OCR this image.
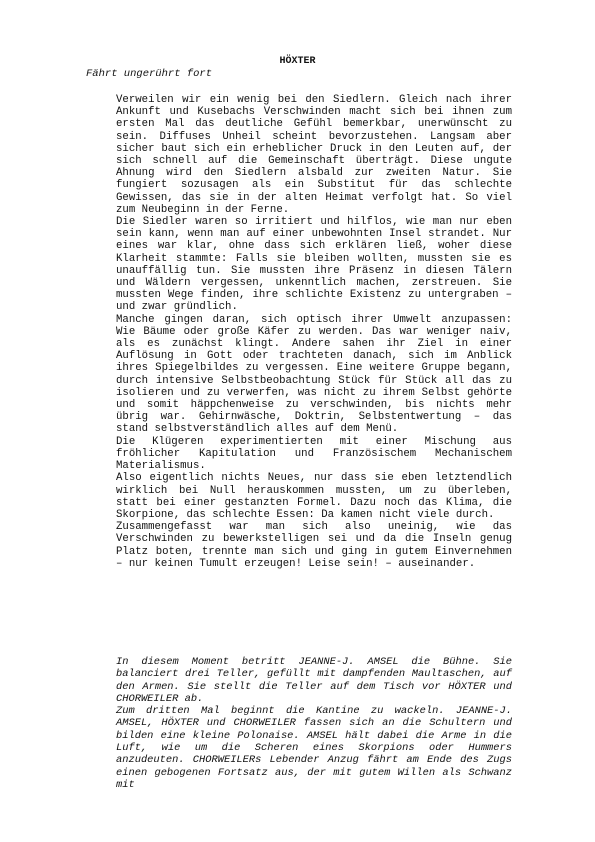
HÖXTER
Fährt ungerührt fort

Verweilen wir ein wenig bei den Siedlern. Gleich nach ihrer Ankunft und Kusebachs Verschwinden macht sich bei ihnen zum ersten Mal das deutliche Gefühl bemerkbar, unerwünscht zu sein. Diffuses Unheil scheint bevorzustehen. Langsam aber sicher baut sich ein erheblicher Druck in den Leuten auf, der sich schnell auf die Gemeinschaft überträgt. Diese ungute Ahnung wird den Siedlern alsbald zur zweiten Natur. Sie fungiert sozusagen als ein Substitut für das schlechte Gewissen, das sie in der alten Heimat verfolgt hat. So viel zum Neubeginn in der Ferne.

Die Siedler waren so irritiert und hilflos, wie man nur eben sein kann, wenn man auf einer unbewohnten Insel strandet. Nur eines war klar, ohne dass sich erklären ließ, woher diese Klarheit stammte: Falls sie bleiben wollten, mussten sie es unauffällig tun. Sie mussten ihre Präsenz in diesen Tälern und Wäldern vergessen, unkenntlich machen, zerstreuen. Sie mussten Wege finden, ihre schlichte Existenz zu untergraben – und zwar gründlich.

Manche gingen daran, sich optisch ihrer Umwelt anzupassen: Wie Bäume oder große Käfer zu werden. Das war weniger naiv, als es zunächst klingt. Andere sahen ihr Ziel in einer Auflösung in Gott oder trachteten danach, sich im Anblick ihres Spiegelbildes zu vergessen. Eine weitere Gruppe begann, durch intensive Selbstbeobachtung Stück für Stück all das zu isolieren und zu verwerfen, was nicht zu ihrem Selbst gehörte und somit häppchenweise zu verschwinden, bis nichts mehr übrig war. Gehirnwäsche, Doktrin, Selbstentwertung – das stand selbstverständlich alles auf dem Menü.

Die Klügeren experimentierten mit einer Mischung aus fröhlicher Kapitulation und Französischem Mechanischem Materialismus.

Also eigentlich nichts Neues, nur dass sie eben letztendlich wirklich bei Null herauskommen mussten, um zu überleben, statt bei einer gestanzten Formel. Dazu noch das Klima, die Skorpione, das schlechte Essen: Da kamen nicht viele durch.

Zusammengefasst war man sich also uneinig, wie das Verschwinden zu bewerkstelligen sei und da die Inseln genug Platz boten, trennte man sich und ging in gutem Einvernehmen – nur keinen Tumult erzeugen! Leise sein! – auseinander.

In diesem Moment betritt JEANNE-J. AMSEL die Bühne. Sie balanciert drei Teller, gefüllt mit dampfenden Maultaschen, auf den Armen. Sie stellt die Teller auf dem Tisch vor HÖXTER und CHORWEILER ab.

Zum dritten Mal beginnt die Kantine zu wackeln. JEANNE-J. AMSEL, HÖXTER und CHORWEILER fassen sich an die Schultern und bilden eine kleine Polonaise. AMSEL hält dabei die Arme in die Luft, wie um die Scheren eines Skorpions oder Hummers anzudeuten. CHORWEILERs Lebender Anzug fährt am Ende des Zugs einen gebogenen Fortsatz aus, der mit gutem Willen als Schwanz mit
